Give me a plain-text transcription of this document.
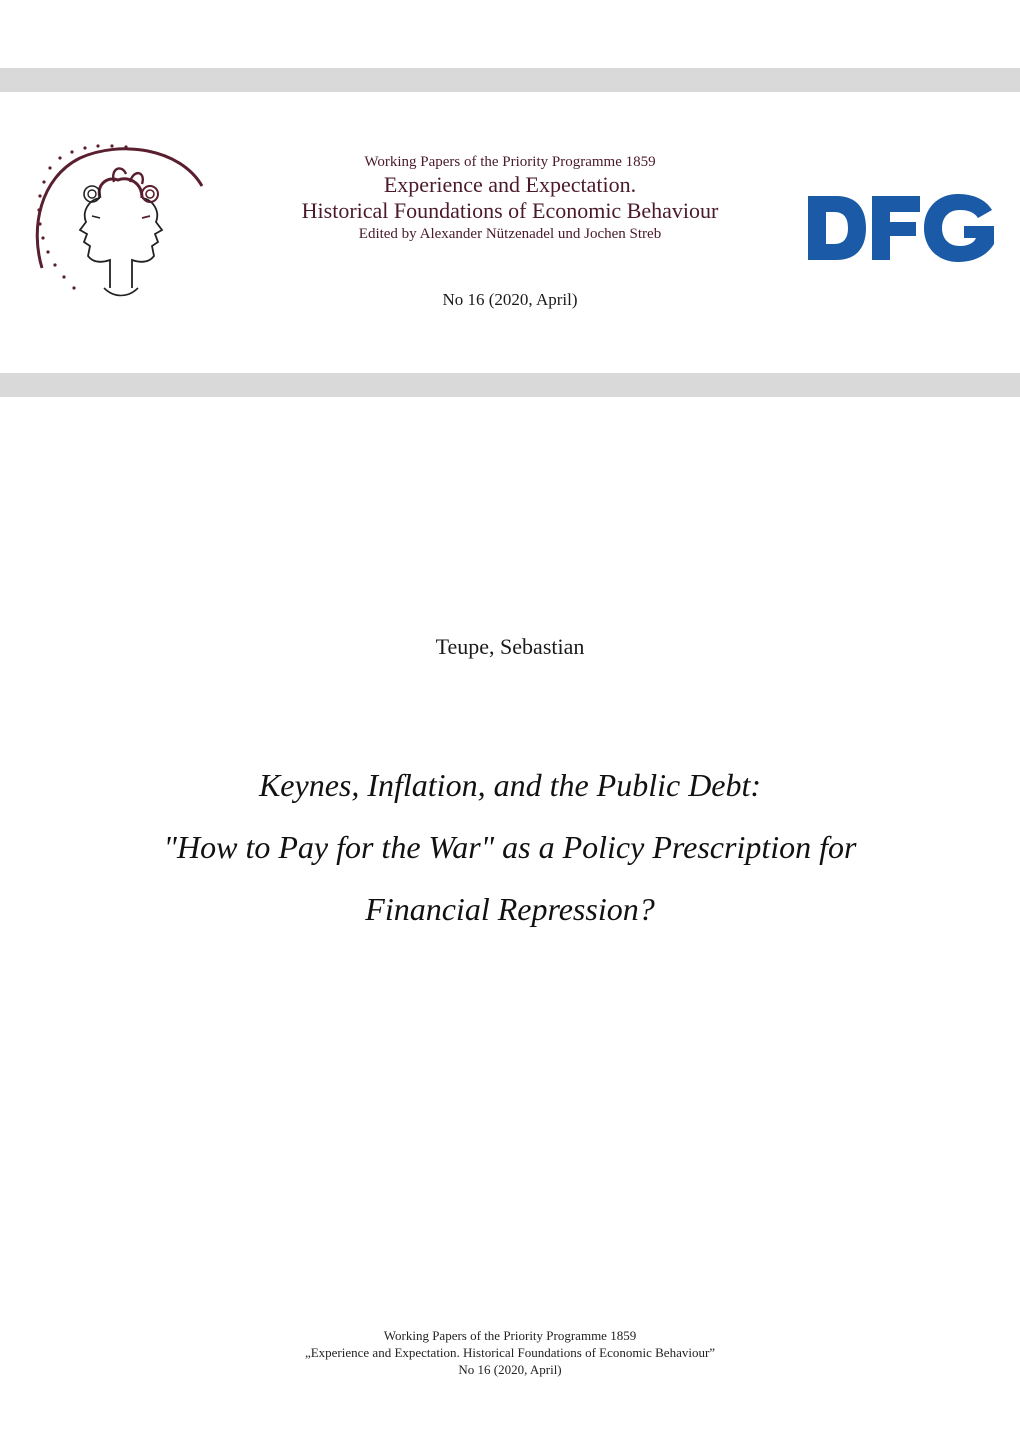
Working Papers of the Priority Programme 1859

Experience and Expectation.

Historical Foundations of Economic Behaviour

Edited by Alexander Nützenadel und Jochen Streb

No 16 (2020, April)
Teupe, Sebastian
Keynes, Inflation, and the Public Debt:
"How to Pay for the War" as a Policy Prescription for
Financial Repression?
Working Papers of the Priority Programme 1859
„Experience and Expectation. Historical Foundations of Economic Behaviour”
No 16 (2020, April)
